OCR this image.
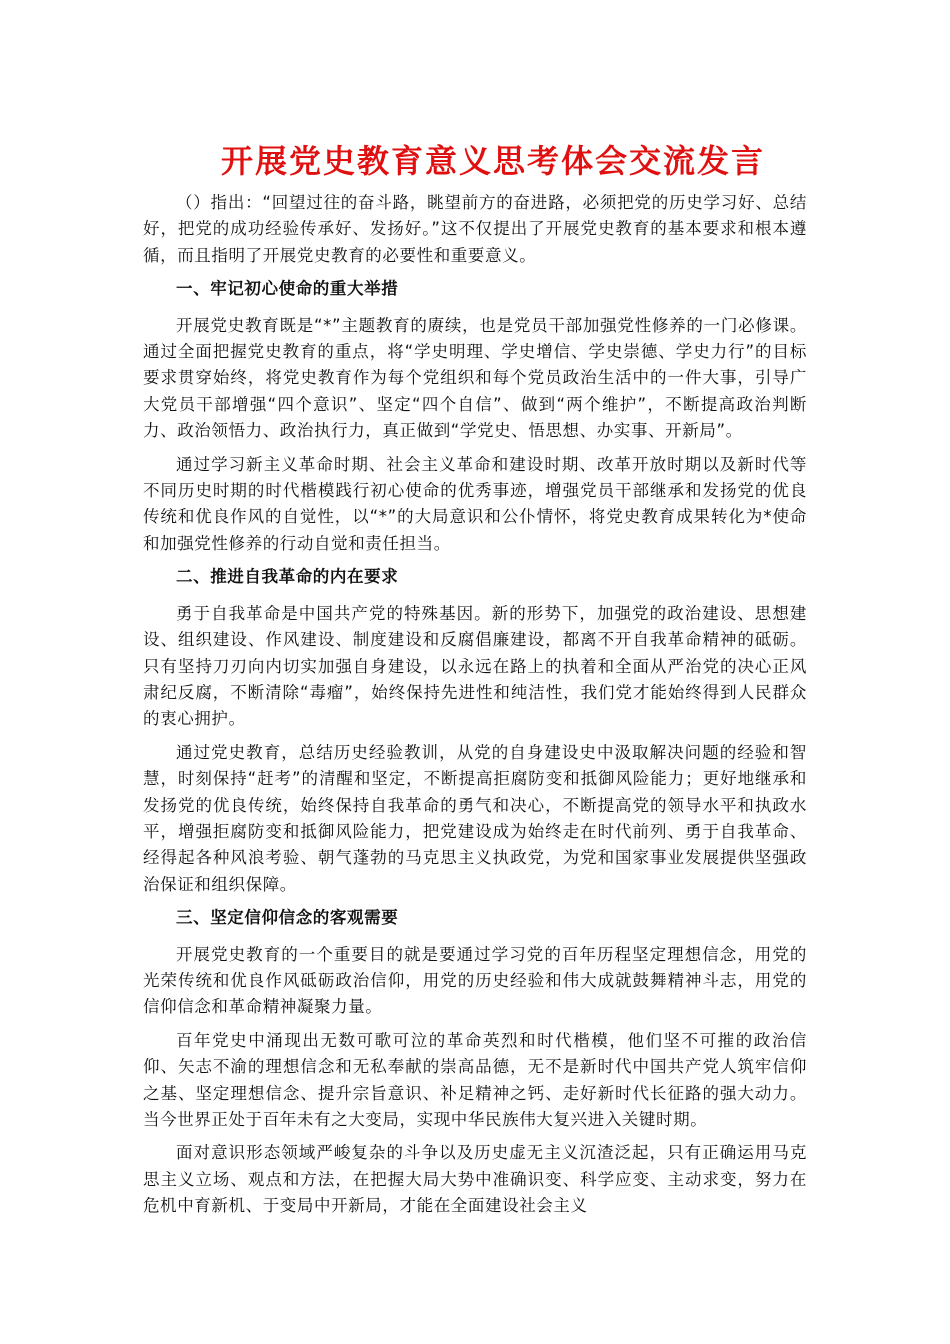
开展党史教育意义思考体会交流发言

（）指出：“回望过往的奋斗路，眺望前方的奋进路，必须把党的历史学习好、总结好，把党的成功经验传承好、发扬好。”这不仅提出了开展党史教育的基本要求和根本遵循，而且指明了开展党史教育的必要性和重要意义。

一、牢记初心使命的重大举措

开展党史教育既是“*”主题教育的赓续，也是党员干部加强党性修养的一门必修课。通过全面把握党史教育的重点，将“学史明理、学史增信、学史崇德、学史力行”的目标要求贯穿始终，将党史教育作为每个党组织和每个党员政治生活中的一件大事，引导广大党员干部增强“四个意识”、坚定“四个自信”、做到“两个维护”，不断提高政治判断力、政治领悟力、政治执行力，真正做到“学党史、悟思想、办实事、开新局”。

通过学习新主义革命时期、社会主义革命和建设时期、改革开放时期以及新时代等不同历史时期的时代楷模践行初心使命的优秀事迹，增强党员干部继承和发扬党的优良传统和优良作风的自觉性，以“*”的大局意识和公仆情怀，将党史教育成果转化为*使命和加强党性修养的行动自觉和责任担当。

二、推进自我革命的内在要求

勇于自我革命是中国共产党的特殊基因。新的形势下，加强党的政治建设、思想建设、组织建设、作风建设、制度建设和反腐倡廉建设，都离不开自我革命精神的砥砺。只有坚持刀刃向内切实加强自身建设，以永远在路上的执着和全面从严治党的决心正风肃纪反腐，不断清除“毒瘤”，始终保持先进性和纯洁性，我们党才能始终得到人民群众的衷心拥护。

通过党史教育，总结历史经验教训，从党的自身建设史中汲取解决问题的经验和智慧，时刻保持“赶考”的清醒和坚定，不断提高拒腐防变和抵御风险能力；更好地继承和发扬党的优良传统，始终保持自我革命的勇气和决心，不断提高党的领导水平和执政水平，增强拒腐防变和抵御风险能力，把党建设成为始终走在时代前列、勇于自我革命、经得起各种风浪考验、朝气蓬勃的马克思主义执政党，为党和国家事业发展提供坚强政治保证和组织保障。

三、坚定信仰信念的客观需要

开展党史教育的一个重要目的就是要通过学习党的百年历程坚定理想信念，用党的光荣传统和优良作风砥砺政治信仰，用党的历史经验和伟大成就鼓舞精神斗志，用党的信仰信念和革命精神凝聚力量。

百年党史中涌现出无数可歌可泣的革命英烈和时代楷模，他们坚不可摧的政治信仰、矢志不渝的理想信念和无私奉献的崇高品德，无不是新时代中国共产党人筑牢信仰之基、坚定理想信念、提升宗旨意识、补足精神之钙、走好新时代长征路的强大动力。当今世界正处于百年未有之大变局，实现中华民族伟大复兴进入关键时期。

面对意识形态领域严峻复杂的斗争以及历史虚无主义沉渣泛起，只有正确运用马克思主义立场、观点和方法，在把握大局大势中准确识变、科学应变、主动求变，努力在危机中育新机、于变局中开新局，才能在全面建设社会主义
